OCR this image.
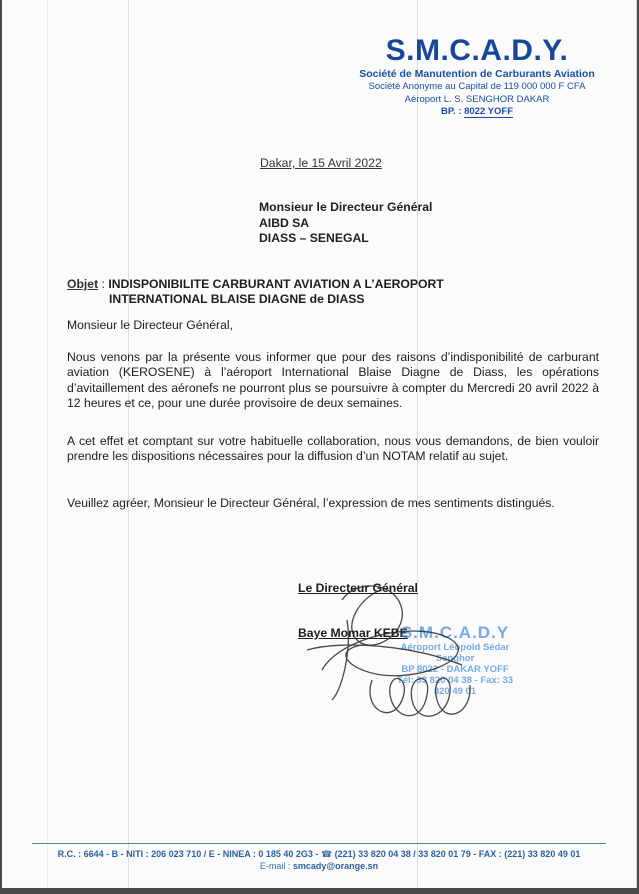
S.M.C.A.D.Y.
Société de Manutention de Carburants Aviation
Société Anonyme au Capital de 119 000 000 F CFA
Aéroport L. S. SENGHOR DAKAR
BP. : 8022 YOFF
Dakar, le 15 Avril 2022
Monsieur le Directeur Général
AIBD SA
DIASS – SENEGAL
Objet : INDISPONIBILITE CARBURANT AVIATION A L’AEROPORT
INTERNATIONAL BLAISE DIAGNE de DIASS
Monsieur le Directeur Général,
Nous venons par la présente vous informer que pour des raisons d’indisponibilité de carburant aviation (KEROSENE) à l’aéroport International Blaise Diagne de Diass, les opérations d’avitaillement des aéronefs ne pourront plus se poursuivre à compter du Mercredi 20 avril 2022 à 12 heures et ce, pour une durée provisoire de deux semaines.
A cet effet et comptant sur votre habituelle collaboration, nous vous demandons, de bien vouloir prendre les dispositions nécessaires pour la diffusion d’un NOTAM relatif au sujet.
Veuillez agréer, Monsieur le Directeur Général, l’expression de mes sentiments distingués.
Le Directeur Général
Baye Momar KEBE
S.M.C.A.D.Y
Aéroport Léopold Sédar Senghor
BP 8022 - DAKAR YOFF
Tél: 33 820 04 38 - Fax: 33 820 49 01
R.C. : 6644 - B - NITI : 206 023 710 / E - NINEA : 0 185 40 2G3 - ☎ (221) 33 820 04 38 / 33 820 01 79 - FAX : (221) 33 820 49 01
E-mail : smcady@orange.sn
